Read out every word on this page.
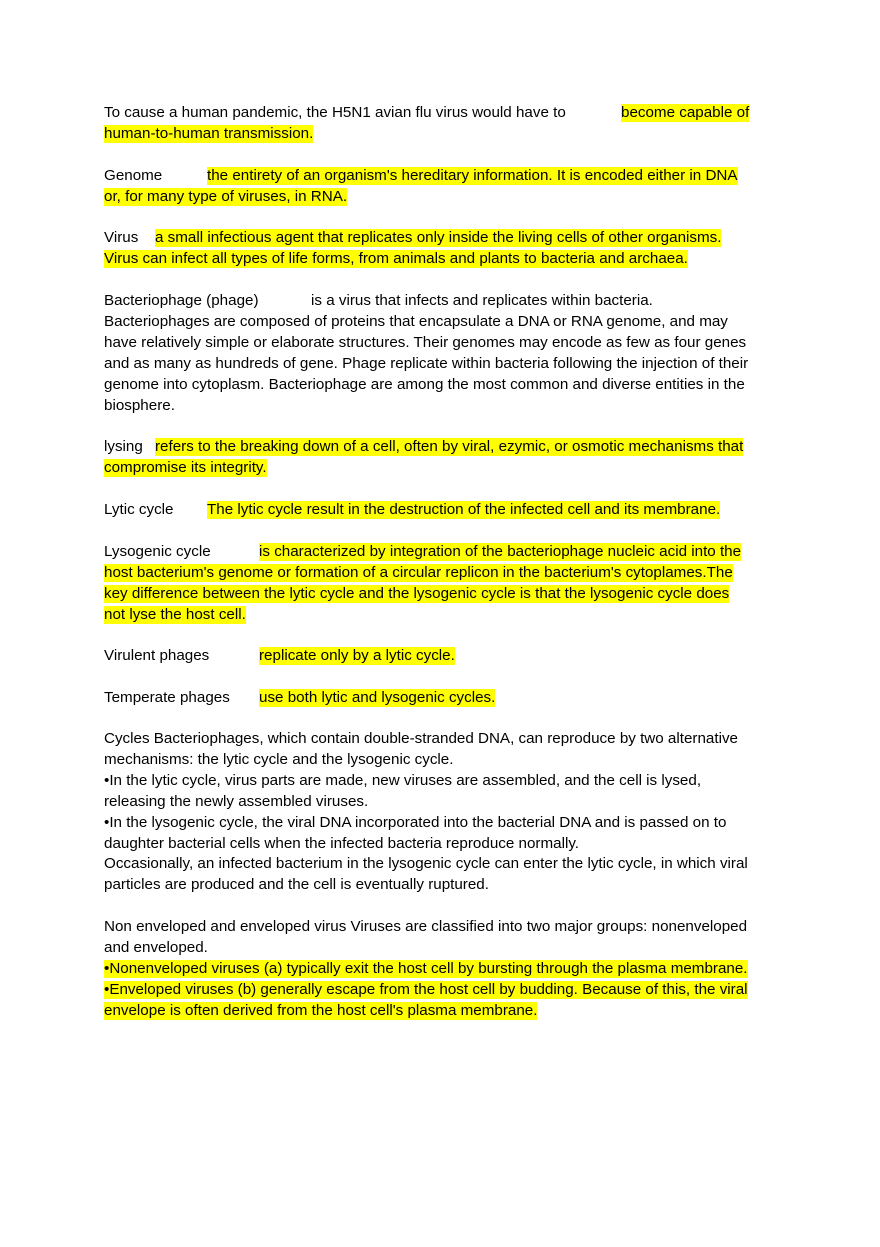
To cause a human pandemic, the H5N1 avian flu virus would have to	become capable of
human-to-human transmission.
Genome	the entirety of an organism's hereditary information. It is encoded either in DNA
or, for many type of viruses, in RNA.
Virus a small infectious agent that replicates only inside the living cells of other organisms.
Virus can infect all types of life forms, from animals and plants to bacteria and archaea.
Bacteriophage (phage)	is a virus that infects and replicates within bacteria.
Bacteriophages are composed of proteins that encapsulate a DNA or RNA genome, and may
have relatively simple or elaborate structures. Their genomes may encode as few as four genes
and as many as hundreds of gene. Phage replicate within bacteria following the injection of their
genome into cytoplasm. Bacteriophage are among the most common and diverse entities in the
biosphere.
lysing refers to the breaking down of a cell, often by viral, ezymic, or osmotic mechanisms that
compromise its integrity.
Lytic cycle The lytic cycle result in the destruction of the infected cell and its membrane.
Lysogenic cycle	is characterized by integration of the bacteriophage nucleic acid into the
host bacterium's genome or formation of a circular replicon in the bacterium's cytoplames.The
key difference between the lytic cycle and the lysogenic cycle is that the lysogenic cycle does
not lyse the host cell.
Virulent phages	replicate only by a lytic cycle.
Temperate phages use both lytic and lysogenic cycles.
Cycles Bacteriophages, which contain double-stranded DNA, can reproduce by two alternative
mechanisms: the lytic cycle and the lysogenic cycle.
•In the lytic cycle, virus parts are made, new viruses are assembled, and the cell is lysed,
releasing the newly assembled viruses.
•In the lysogenic cycle, the viral DNA incorporated into the bacterial DNA and is passed on to
daughter bacterial cells when the infected bacteria reproduce normally.
Occasionally, an infected bacterium in the lysogenic cycle can enter the lytic cycle, in which viral
particles are produced and the cell is eventually ruptured.
Non enveloped and enveloped virus Viruses are classified into two major groups: nonenveloped
and enveloped.
•Nonenveloped viruses (a) typically exit the host cell by bursting through the plasma membrane.
•Enveloped viruses (b) generally escape from the host cell by budding. Because of this, the viral
envelope is often derived from the host cell's plasma membrane.
